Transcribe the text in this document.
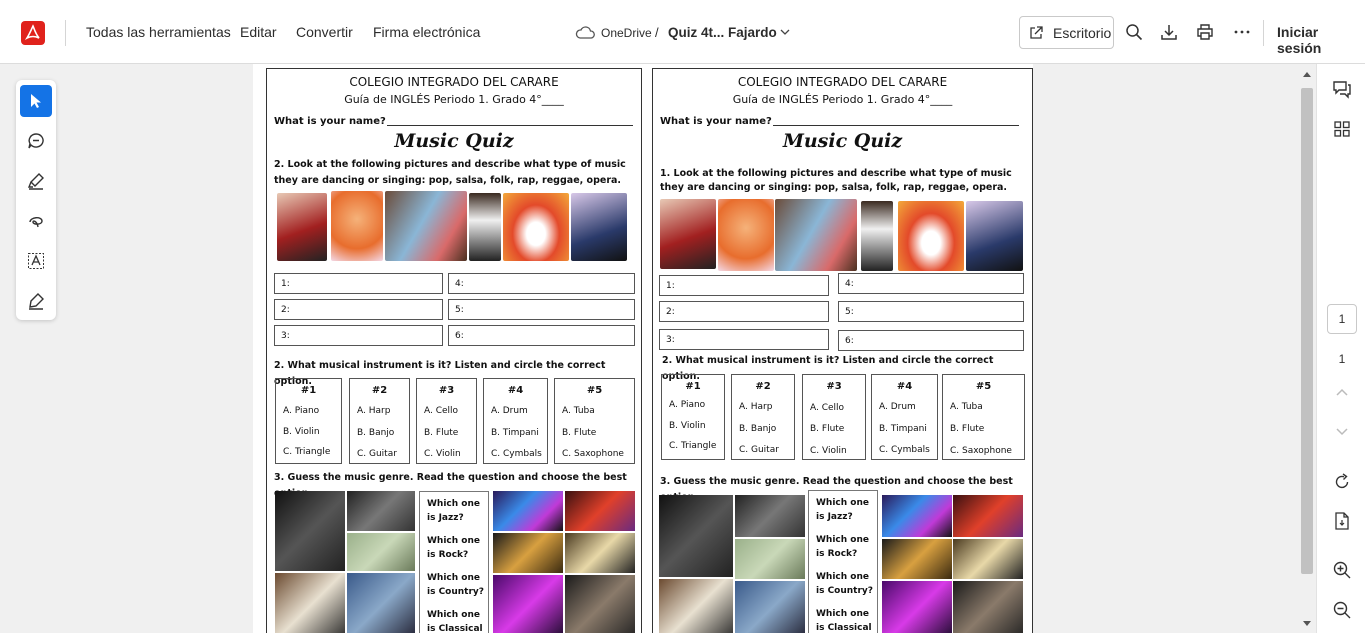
Todas las herramientas Editar Convertir Firma electrónica	OneDrive / Quiz 4t... Fajardo	Escritorio	Iniciar sesión
COLEGIO INTEGRADO DEL CARARE
Guía de INGLÉS Periodo 1. Grado 4°____
What is your name?
Music Quiz
2. Look at the following pictures and describe what type of music they are dancing or singing: pop, salsa, folk, rap, reggae, opera.
1:	4:
2:	5:
3:	6:
2. What musical instrument is it? Listen and circle the correct option.
#1
A. Piano
B. Violin
C. Triangle
#2
A. Harp
B. Banjo
C. Guitar
#3
A. Cello
B. Flute
C. Violin
#4
A. Drum
B. Timpani
C. Cymbals
#5
A. Tuba
B. Flute
C. Saxophone
3. Guess the music genre. Read the question and choose the best
Which one
is Jazz?
Which one
is Rock?
Which one
is Country?
Which one
is Classical
COLEGIO INTEGRADO DEL CARARE
Guía de INGLÉS Periodo 1. Grado 4°____
What is your name?
Music Quiz
1. Look at the following pictures and describe what type of music they are dancing or singing: pop, salsa, folk, rap, reggae, opera.
1:	4:
2:	5:
3:	6:
2. What musical instrument is it? Listen and circle the correct option.
#1
A. Piano
B. Violin
C. Triangle
#2
A. Harp
B. Banjo
C. Guitar
#3
A. Cello
B. Flute
C. Violin
#4
A. Drum
B. Timpani
C. Cymbals
#5
A. Tuba
B. Flute
C. Saxophone
3. Guess the music genre. Read the question and choose the best
Which one
is Jazz?
Which one
is Rock?
Which one
is Country?
Which one
is Classical
1
1
